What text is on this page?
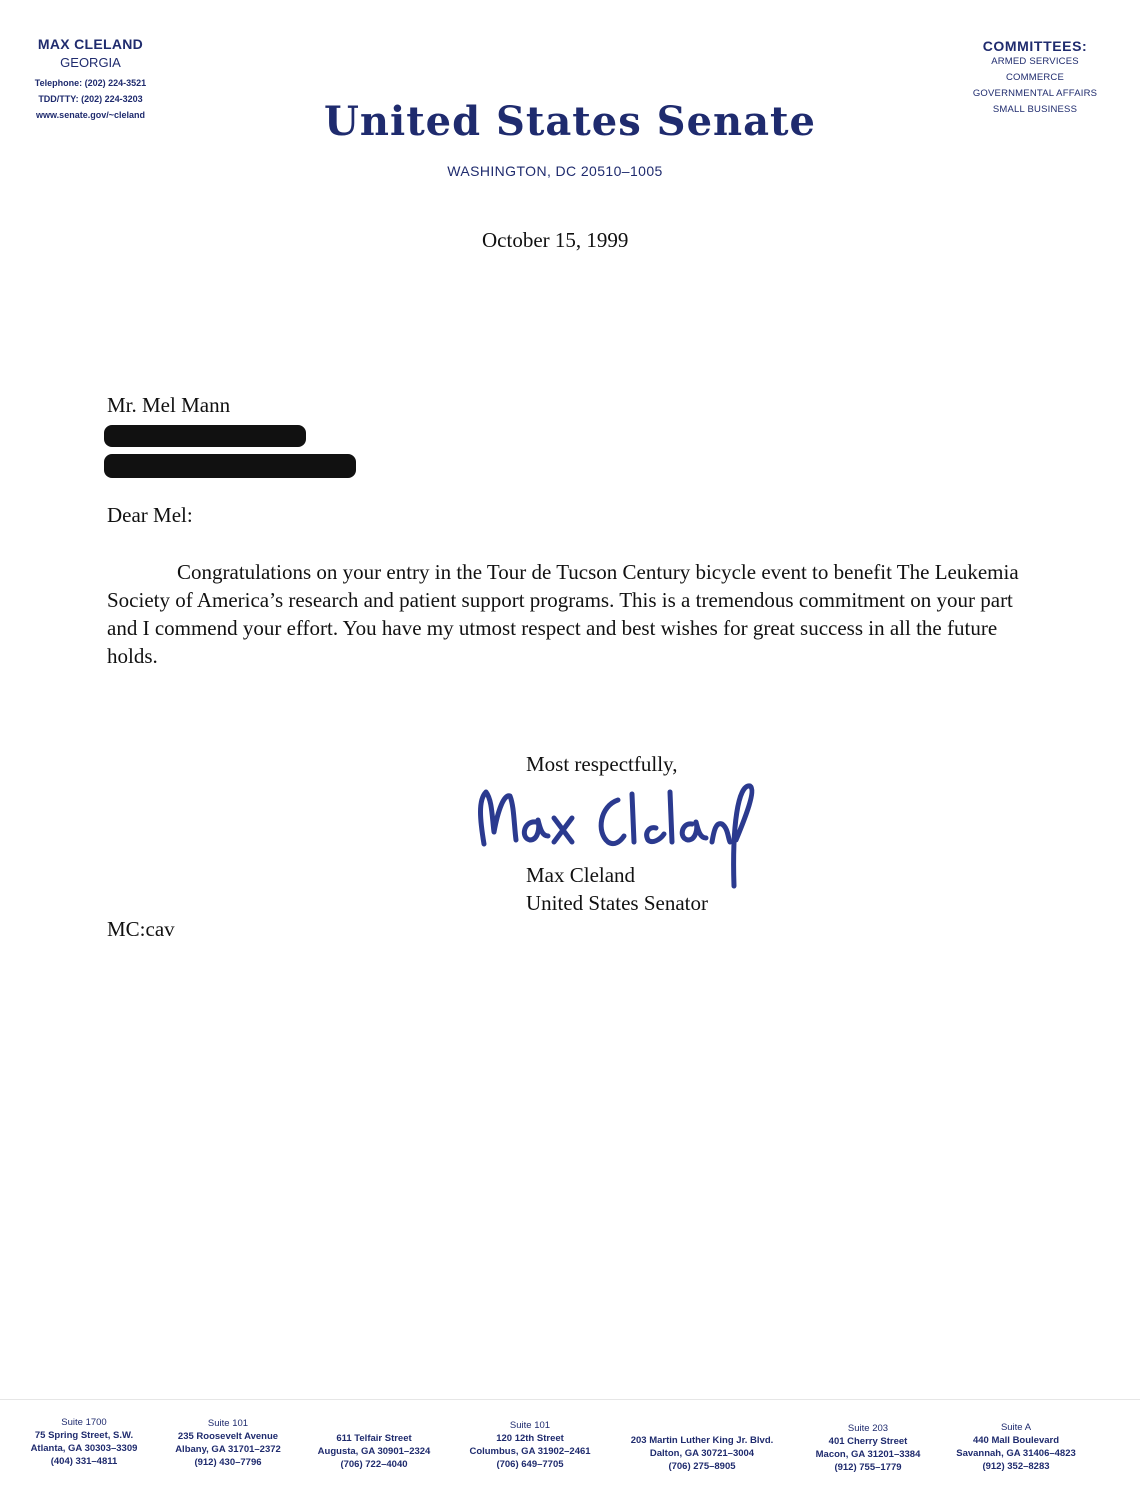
MAX CLELAND
GEORGIA
Telephone: (202) 224-3521
TDD/TTY: (202) 224-3203
www.senate.gov/~cleland
COMMITTEES:
ARMED SERVICES
COMMERCE
GOVERNMENTAL AFFAIRS
SMALL BUSINESS
United States Senate
WASHINGTON, DC 20510–1005
October 15, 1999
Mr. Mel Mann
Dear Mel:
Congratulations on your entry in the Tour de Tucson Century bicycle event to benefit The Leukemia Society of America’s research and patient support programs. This is a tremendous commitment on your part and I commend your effort. You have my utmost respect and best wishes for great success in all the future holds.
Most respectfully,
Max Cleland
United States Senator
MC:cav
Suite 1700
75 Spring Street, S.W.
Atlanta, GA 30303–3309
(404) 331–4811
Suite 101
235 Roosevelt Avenue
Albany, GA 31701–2372
(912) 430–7796
611 Telfair Street
Augusta, GA 30901–2324
(706) 722–4040
Suite 101
120 12th Street
Columbus, GA 31902–2461
(706) 649–7705
203 Martin Luther King Jr. Blvd.
Dalton, GA 30721–3004
(706) 275–8905
Suite 203
401 Cherry Street
Macon, GA 31201–3384
(912) 755–1779
Suite A
440 Mall Boulevard
Savannah, GA 31406–4823
(912) 352–8283
